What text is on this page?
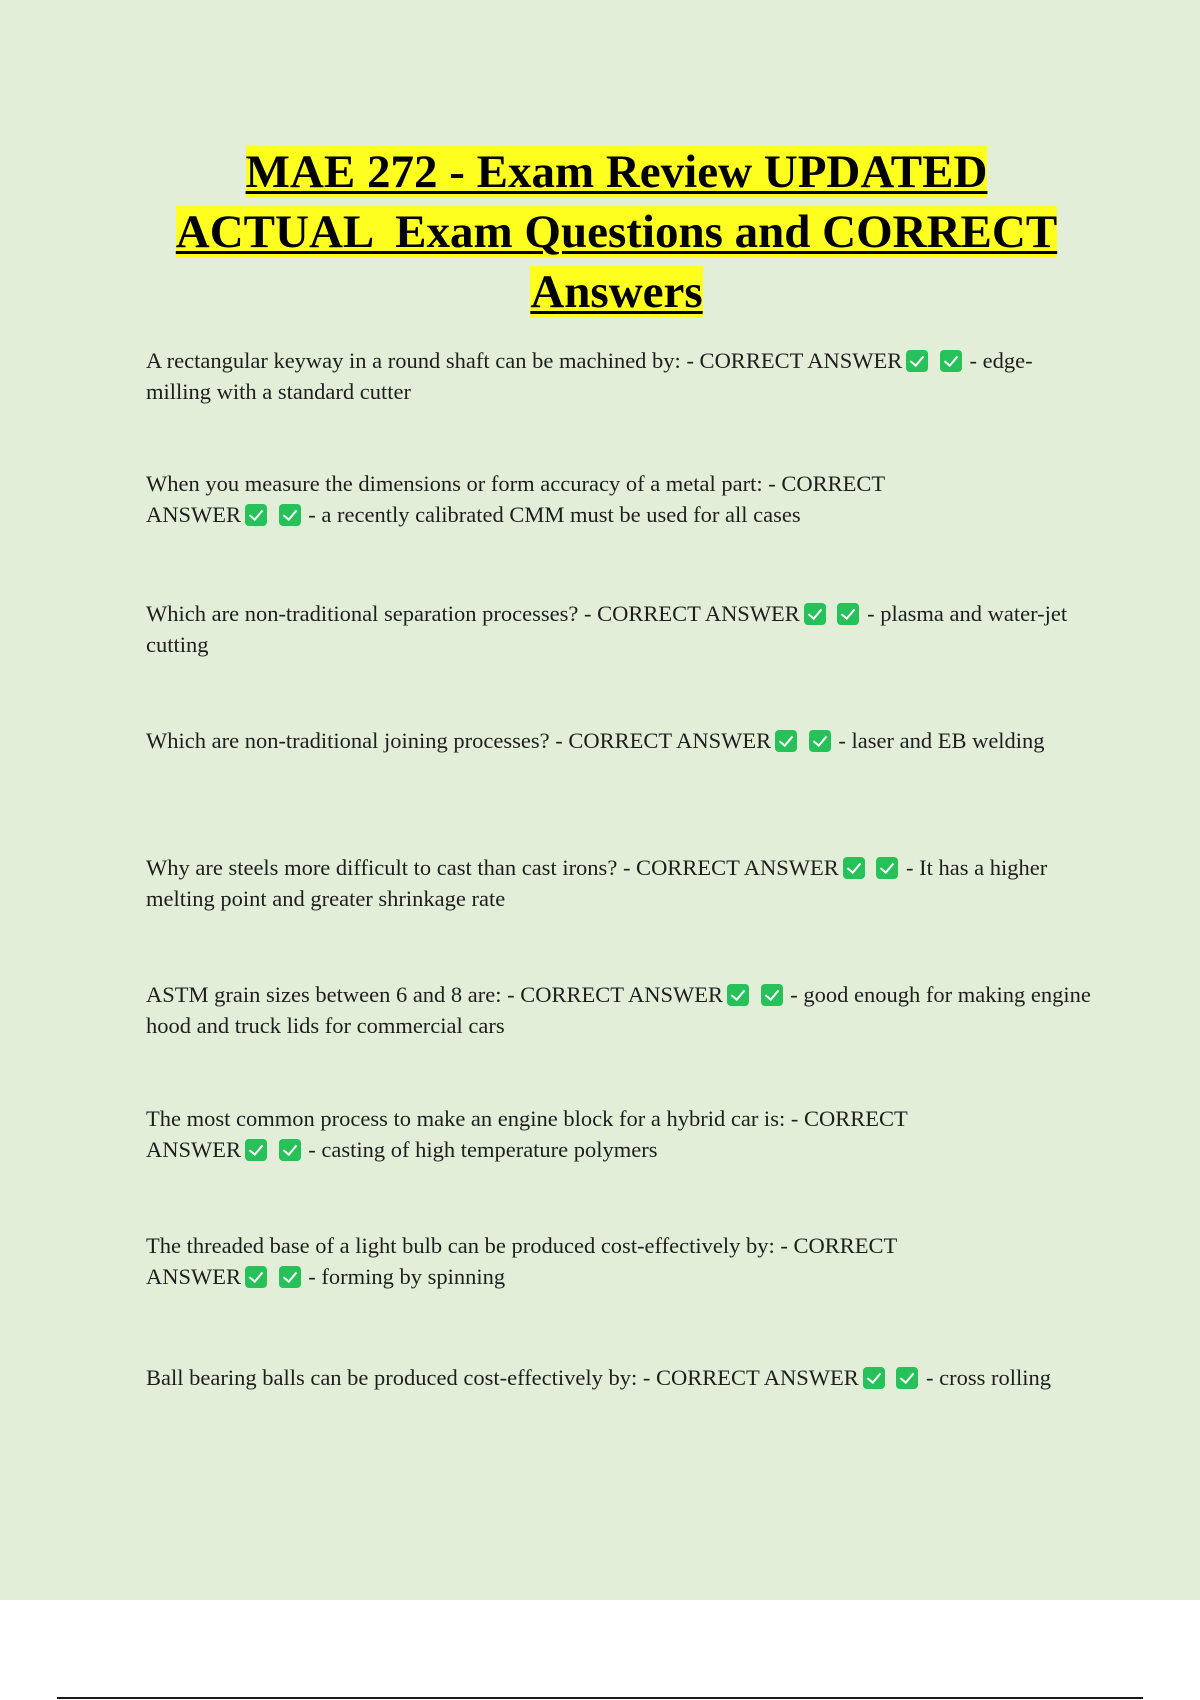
MAE 272 - Exam Review UPDATED
ACTUAL  Exam Questions and CORRECT
Answers

A rectangular keyway in a round shaft can be machined by: - CORRECT ANSWER	- edge-milling with a standard cutter

When you measure the dimensions or form accuracy of a metal part: - CORRECT ANSWER	- a recently calibrated CMM must be used for all cases

Which are non-traditional separation processes? - CORRECT ANSWER	- plasma and water-jet cutting

Which are non-traditional joining processes? - CORRECT ANSWER	- laser and EB welding

Why are steels more difficult to cast than cast irons? - CORRECT ANSWER	- It has a higher melting point and greater shrinkage rate

ASTM grain sizes between 6 and 8 are: - CORRECT ANSWER	- good enough for making engine hood and truck lids for commercial cars

The most common process to make an engine block for a hybrid car is: - CORRECT ANSWER	- casting of high temperature polymers

The threaded base of a light bulb can be produced cost-effectively by: - CORRECT ANSWER	- forming by spinning

Ball bearing balls can be produced cost-effectively by: - CORRECT ANSWER	- cross rolling
